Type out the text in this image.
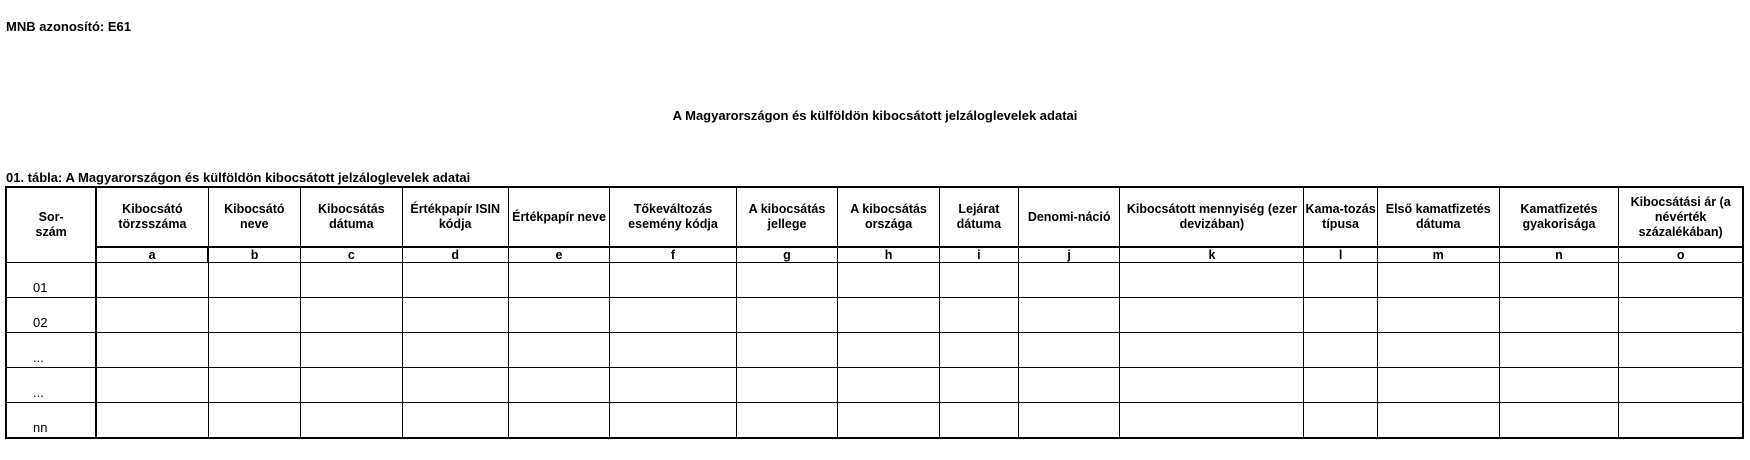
MNB azonosító: E61
A Magyarországon és külföldön kibocsátott jelzáloglevelek adatai
01. tábla: A Magyarországon és külföldön kibocsátott jelzáloglevelek adatai
Sor-
szám	Kibocsátó törzsszáma	Kibocsátó neve	Kibocsátás dátuma	Értékpapír ISIN kódja	Értékpapír neve	Tőkeváltozás esemény kódja	A kibocsátás jellege	A kibocsátás országa	Lejárat dátuma	Denomi-náció	Kibocsátott mennyiség (ezer devizában)	Kama-tozás típusa	Első kamatfizetés dátuma	Kamatfizetés gyakorisága	Kibocsátási ár (a névérték százalékában)
	a	b	c	d	e	f	g	h	i	j	k	l	m	n	o
01															
02															
...															
...															
nn															
